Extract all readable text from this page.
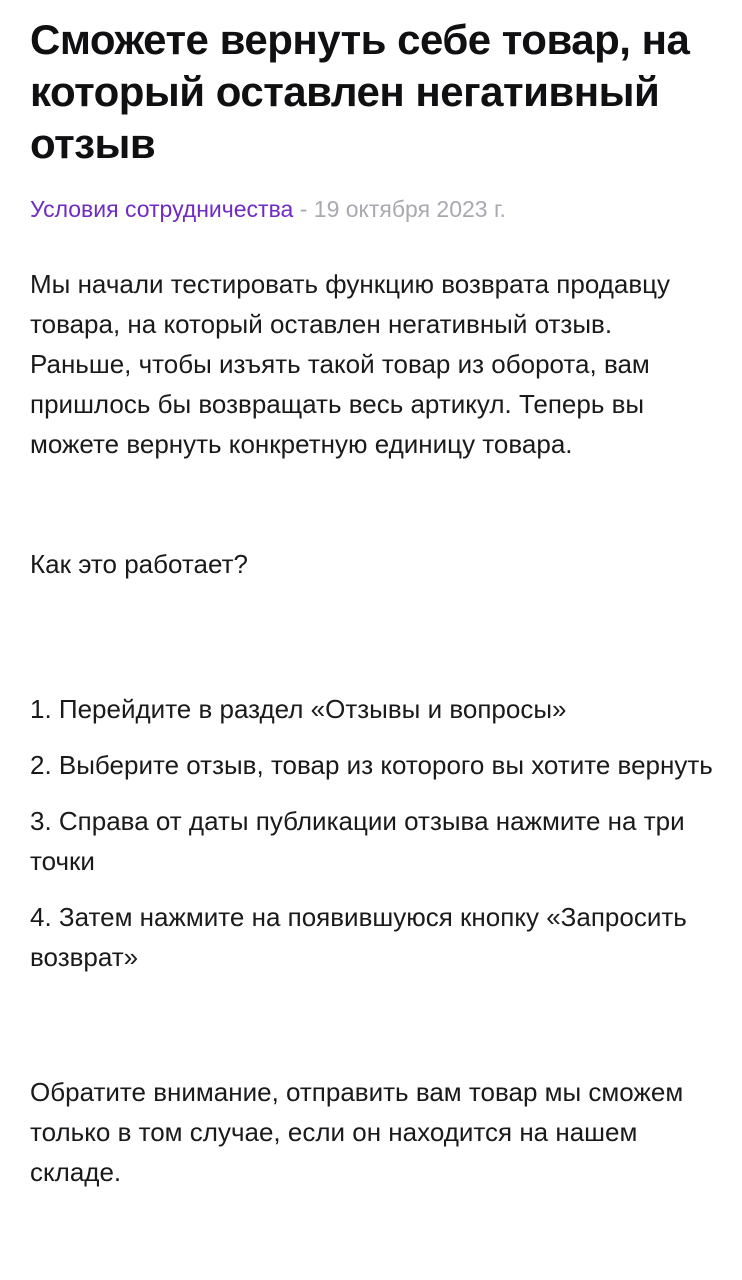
Сможете вернуть себе товар, на который оставлен негативный отзыв
Условия сотрудничества - 19 октября 2023 г.

Мы начали тестировать функцию возврата продавцу товара, на который оставлен негативный отзыв. Раньше, чтобы изъять такой товар из оборота, вам пришлось бы возвращать весь артикул. Теперь вы можете вернуть конкретную единицу товара.

Как это работает?

1. Перейдите в раздел «Отзывы и вопросы»

2. Выберите отзыв, товар из которого вы хотите вернуть

3. Справа от даты публикации отзыва нажмите на три точки

4. Затем нажмите на появившуюся кнопку «Запросить возврат»

Обратите внимание, отправить вам товар мы сможем только в том случае, если он находится на нашем складе.
